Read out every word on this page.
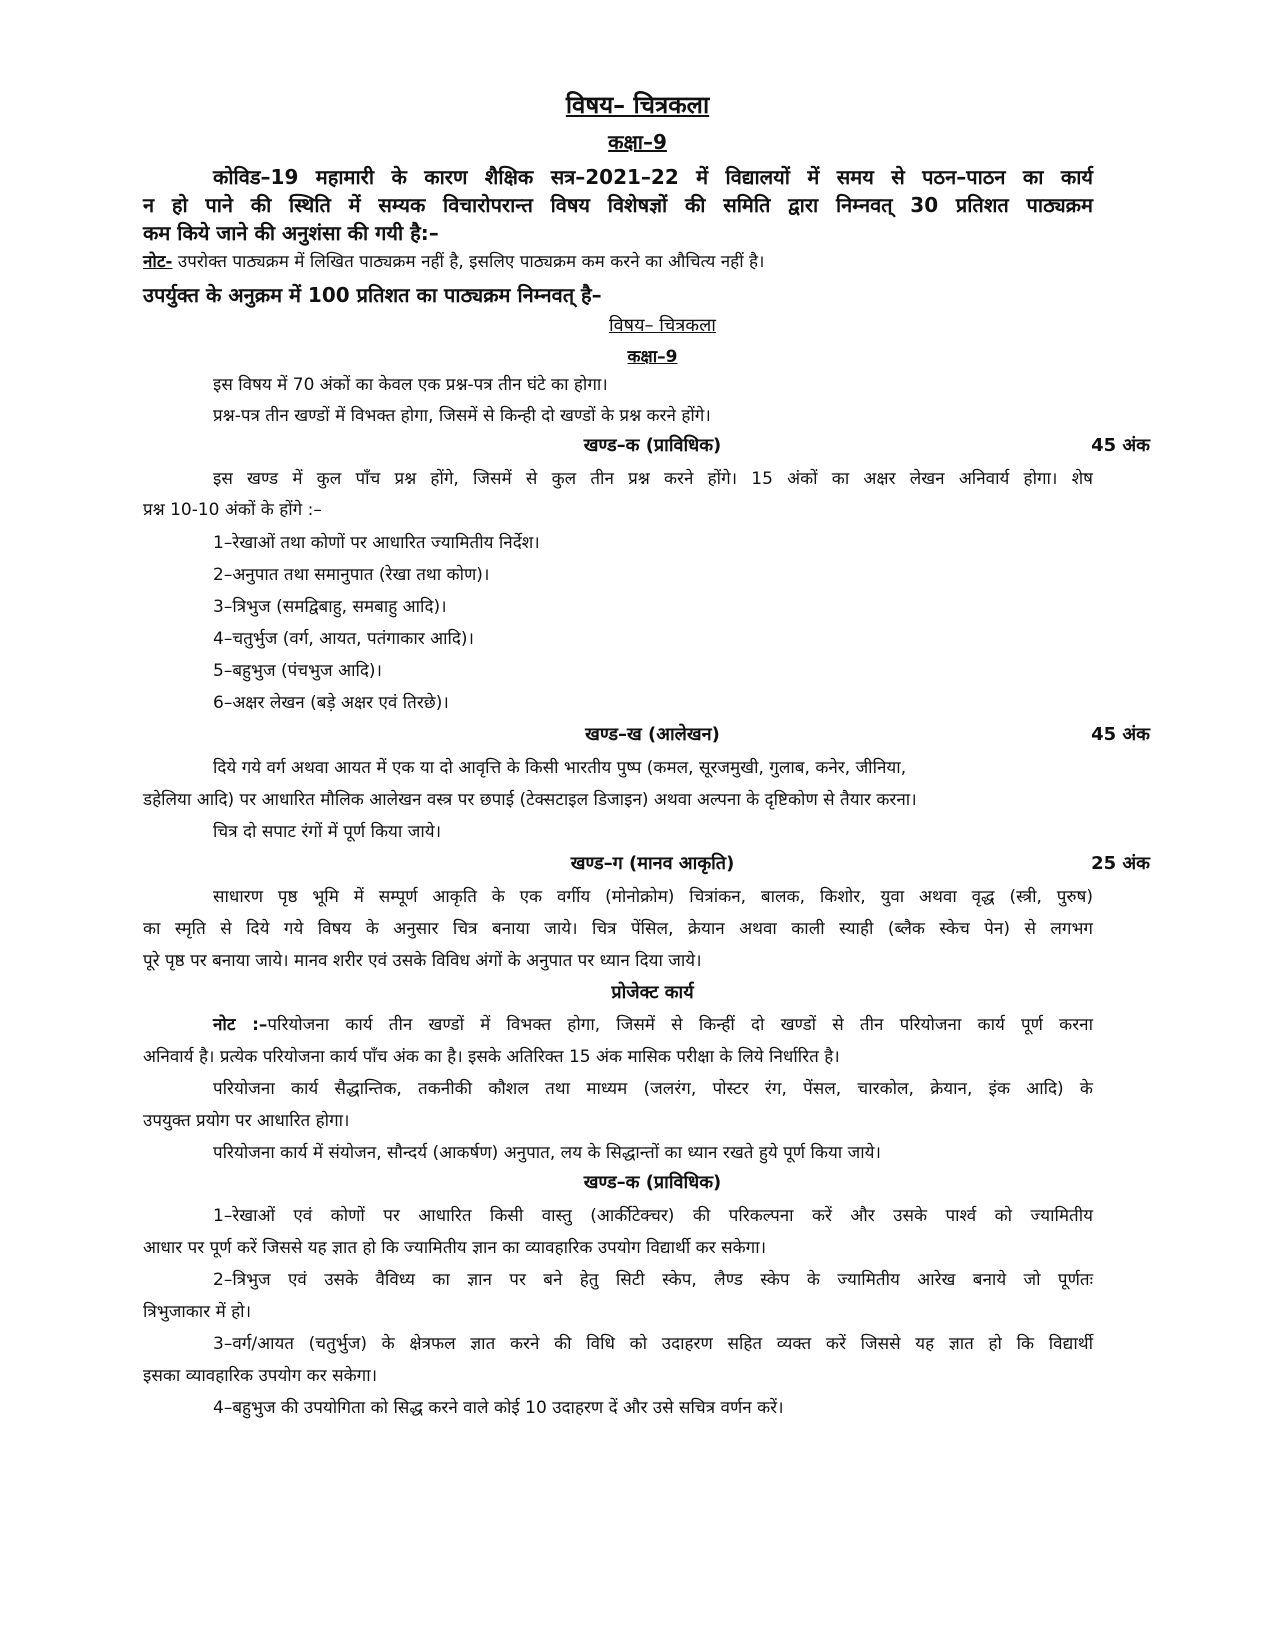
विषय– चित्रकला

कक्षा–9

कोविड–19 महामारी के कारण शैक्षिक सत्र–2021–22 में विद्यालयों में समय से पठन–पाठन का कार्य

न हो पाने की स्थिति में सम्यक विचारोपरान्त विषय विशेषज्ञों की समिति द्वारा निम्नवत् 30 प्रतिशत पाठ्यक्रम

कम किये जाने की अनुशंसा की गयी है:–

नोट- उपरोक्त पाठ्यक्रम में लिखित पाठ्यक्रम नहीं है, इसलिए पाठ्यक्रम कम करने का औचित्य नहीं है।

उपर्युक्त के अनुक्रम में 100 प्रतिशत का पाठ्यक्रम निम्नवत् है–

विषय– चित्रकला

कक्षा–9

इस विषय में 70 अंकों का केवल एक प्रश्न-पत्र तीन घंटे का होगा।

प्रश्न-पत्र तीन खण्डों में विभक्त होगा, जिसमें से किन्ही दो खण्डों के प्रश्न करने होंगे।

खण्ड–क (प्राविधिक)	45 अंक

इस खण्ड में कुल पाँच प्रश्न होंगे, जिसमें से कुल तीन प्रश्न करने होंगे। 15 अंकों का अक्षर लेखन अनिवार्य होगा। शेष

प्रश्न 10-10 अंकों के होंगे :–

1–रेखाओं तथा कोणों पर आधारित ज्यामितीय निर्देश।

2–अनुपात तथा समानुपात (रेखा तथा कोण)।

3–त्रिभुज (समद्विबाहु, समबाहु आदि)।

4–चतुर्भुज (वर्ग, आयत, पतंगाकार आदि)।

5–बहुभुज (पंचभुज आदि)।

6–अक्षर लेखन (बड़े अक्षर एवं तिरछे)।

खण्ड–ख (आलेखन)	45 अंक

दिये गये वर्ग अथवा आयत में एक या दो आवृत्ति के किसी भारतीय पुष्प (कमल, सूरजमुखी, गुलाब, कनेर, जीनिया,

डहेलिया आदि) पर आधारित मौलिक आलेखन वस्त्र पर छपाई (टेक्सटाइल डिजाइन) अथवा अल्पना के दृष्टिकोण से तैयार करना।

चित्र दो सपाट रंगों में पूर्ण किया जाये।

खण्ड–ग (मानव आकृति)	25 अंक

साधारण पृष्ठ भूमि में सम्पूर्ण आकृति के एक वर्गीय (मोनोक्रोम) चित्रांकन, बालक, किशोर, युवा अथवा वृद्ध (स्त्री, पुरुष)

का स्मृति से दिये गये विषय के अनुसार चित्र बनाया जाये। चित्र पेंसिल, क्रेयान अथवा काली स्याही (ब्लैक स्केच पेन) से लगभग

पूरे पृष्ठ पर बनाया जाये। मानव शरीर एवं उसके विविध अंगों के अनुपात पर ध्यान दिया जाये।

प्रोजेक्ट कार्य

नोट :–परियोजना कार्य तीन खण्डों में विभक्त होगा, जिसमें से किन्हीं दो खण्डों से तीन परियोजना कार्य पूर्ण करना

अनिवार्य है। प्रत्येक परियोजना कार्य पाँच अंक का है। इसके अतिरिक्त 15 अंक मासिक परीक्षा के लिये निर्धारित है।

परियोजना कार्य सैद्धान्तिक, तकनीकी कौशल तथा माध्यम (जलरंग, पोस्टर रंग, पेंसल, चारकोल, क्रेयान, इंक आदि) के

उपयुक्त प्रयोग पर आधारित होगा।

परियोजना कार्य में संयोजन, सौन्दर्य (आकर्षण) अनुपात, लय के सिद्धान्तों का ध्यान रखते हुये पूर्ण किया जाये।

खण्ड–क (प्राविधिक)

1–रेखाओं एवं कोणों पर आधारित किसी वास्तु (आर्कीटेक्चर) की परिकल्पना करें और उसके पार्श्व को ज्यामितीय

आधार पर पूर्ण करें जिससे यह ज्ञात हो कि ज्यामितीय ज्ञान का व्यावहारिक उपयोग विद्यार्थी कर सकेगा।

2–त्रिभुज एवं उसके वैविध्य का ज्ञान पर बने हेतु सिटी स्केप, लैण्ड स्केप के ज्यामितीय आरेख बनाये जो पूर्णतः

त्रिभुजाकार में हो।

3–वर्ग/आयत (चतुर्भुज) के क्षेत्रफल ज्ञात करने की विधि को उदाहरण सहित व्यक्त करें जिससे यह ज्ञात हो कि विद्यार्थी

इसका व्यावहारिक उपयोग कर सकेगा।

4–बहुभुज की उपयोगिता को सिद्ध करने वाले कोई 10 उदाहरण दें और उसे सचित्र वर्णन करें।
